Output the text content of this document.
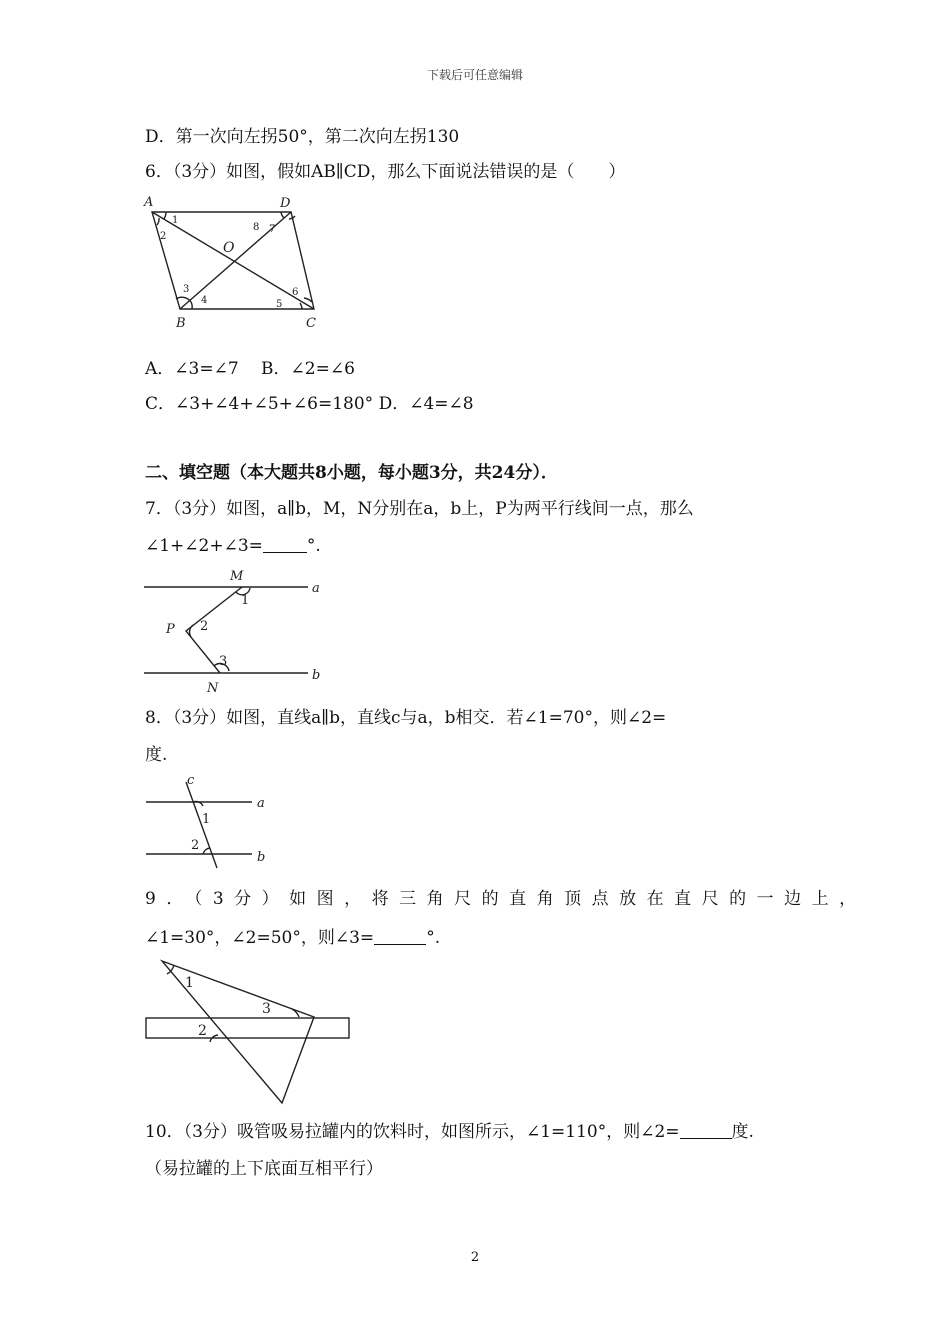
下载后可任意编辑
D．第一次向左拐50°，第二次向左拐130
6．（3分）如图，假如AB∥CD，那么下面说法错误的是（　　）
A	D
B	C
O
1
2
3
4	5
6
7
8
A．∠3=∠7　 B．∠2=∠6
C．∠3+∠4+∠5+∠6=180° D．∠4=∠8
二、填空题（本大题共8小题，每小题3分，共24分）．
7．（3分）如图，a∥b，M，N分别在a，b上，P为两平行线间一点，那么
∠1+∠2+∠3=	°.
M
N
P
a
b
1
2
3
8．（3分）如图，直线a∥b，直线c与a，b相交．若∠1=70°，则∠2=
度.
c
a
b
1
2
9．（3分）如图，将三角尺的直角顶点放在直尺的一边上，
∠1=30°，∠2=50°，则∠3=	°.
1
2
3
10．（3分）吸管吸易拉罐内的饮料时，如图所示，∠1=110°，则∠2=	度.
（易拉罐的上下底面互相平行）
2
